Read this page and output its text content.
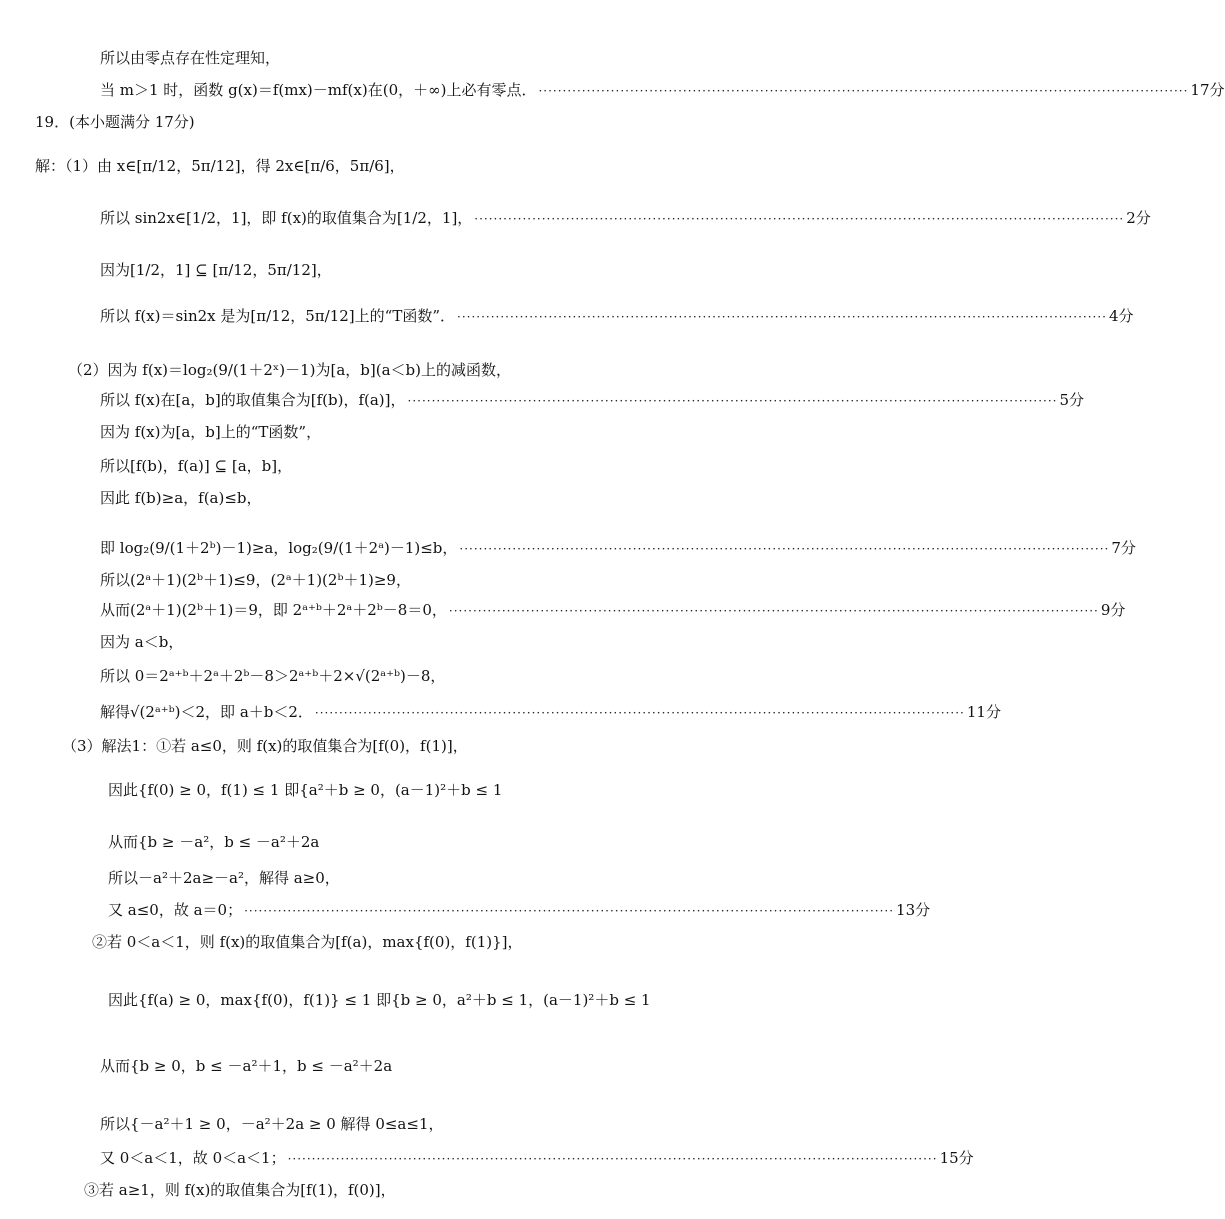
所以由零点存在性定理知，
当 m＞1 时，函数 g(x)＝f(mx)－mf(x)在(0，＋∞)上必有零点． ······································································································································· 17分
19．(本小题满分 17分)
解：（1）由 x∈[π/12，5π/12]，得 2x∈[π/6，5π/6]，
所以 sin2x∈[1/2，1]，即 f(x)的取值集合为[1/2，1]， ······································································································································· 2分
因为[1/2，1] ⊆ [π/12，5π/12]，
所以 f(x)＝sin2x 是为[π/12，5π/12]上的“T函数”． ······································································································································· 4分
（2）因为 f(x)＝log₂(9/(1＋2ˣ)－1)为[a，b](a＜b)上的减函数，
所以 f(x)在[a，b]的取值集合为[f(b)，f(a)]， ······································································································································· 5分
因为 f(x)为[a，b]上的“T函数”，
所以[f(b)，f(a)] ⊆ [a，b]，
因此 f(b)≥a，f(a)≤b，
即 log₂(9/(1＋2ᵇ)－1)≥a，log₂(9/(1＋2ᵃ)－1)≤b， ······································································································································· 7分
所以(2ᵃ＋1)(2ᵇ＋1)≤9，(2ᵃ＋1)(2ᵇ＋1)≥9，
从而(2ᵃ＋1)(2ᵇ＋1)＝9，即 2ᵃ⁺ᵇ＋2ᵃ＋2ᵇ－8＝0， ······································································································································· 9分
因为 a＜b，
所以 0＝2ᵃ⁺ᵇ＋2ᵃ＋2ᵇ－8＞2ᵃ⁺ᵇ＋2×√(2ᵃ⁺ᵇ)－8，
解得√(2ᵃ⁺ᵇ)＜2，即 a＋b＜2． ······································································································································· 11分
（3）解法1：①若 a≤0，则 f(x)的取值集合为[f(0)，f(1)]，
因此{f(0) ≥ 0，f(1) ≤ 1 即{a²＋b ≥ 0，(a－1)²＋b ≤ 1
从而{b ≥ －a²，b ≤ －a²＋2a
所以－a²＋2a≥－a²，解得 a≥0，
又 a≤0，故 a＝0； ······································································································································· 13分
②若 0＜a＜1，则 f(x)的取值集合为[f(a)，max{f(0)，f(1)}]，
因此{f(a) ≥ 0，max{f(0)，f(1)} ≤ 1 即{b ≥ 0，a²＋b ≤ 1，(a－1)²＋b ≤ 1
从而{b ≥ 0，b ≤ －a²＋1，b ≤ －a²＋2a
所以{－a²＋1 ≥ 0，－a²＋2a ≥ 0 解得 0≤a≤1，
又 0＜a＜1，故 0＜a＜1； ······································································································································· 15分
③若 a≥1，则 f(x)的取值集合为[f(1)，f(0)]，
